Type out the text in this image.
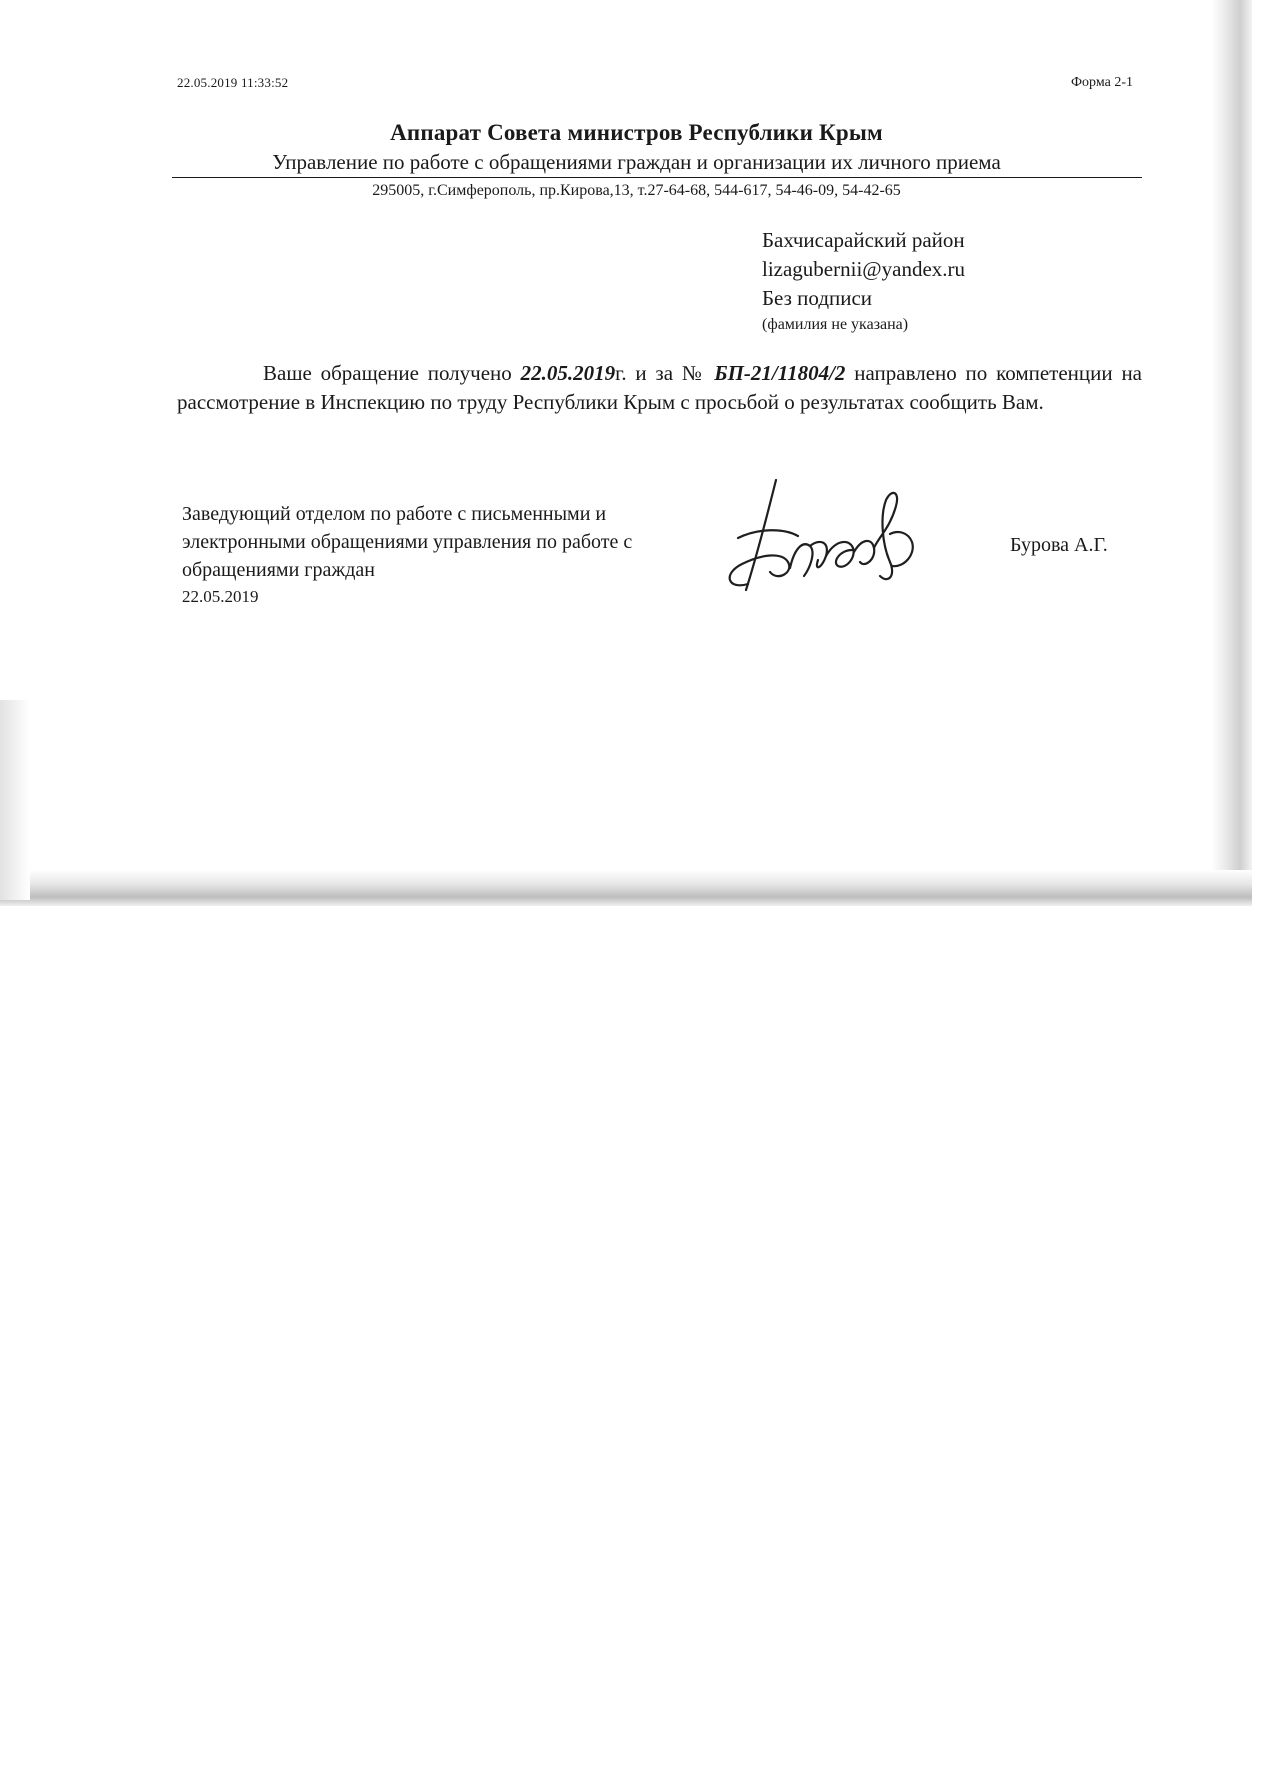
22.05.2019 11:33:52	Форма 2-1
Аппарат Совета министров Республики Крым
Управление по работе с обращениями граждан и организации их личного приема
295005, г.Симферополь, пр.Кирова,13, т.27-64-68, 544-617, 54-46-09, 54-42-65
Бахчисарайский район
lizagubernii@yandex.ru
Без подписи
(фамилия не указана)
Ваше обращение получено 22.05.2019г. и за № БП-21/11804/2 направлено по компетенции на рассмотрение в Инспекцию по труду Республики Крым с просьбой о результатах сообщить Вам.
Заведующий отделом по работе с письменными и электронными обращениями управления по работе с обращениями граждан
22.05.2019
Бурова А.Г.
